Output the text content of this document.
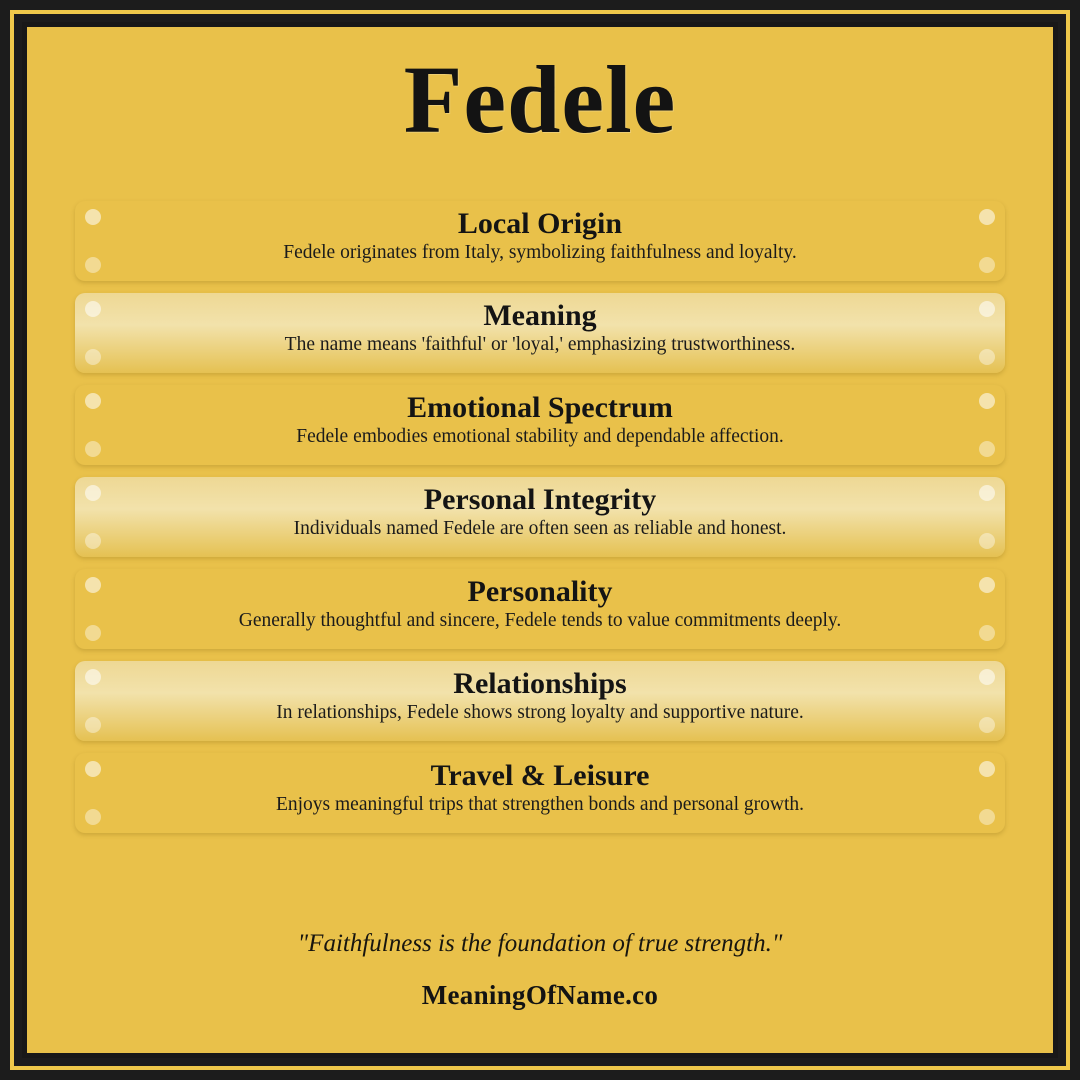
Fedele

Local Origin

Fedele originates from Italy, symbolizing faithfulness and loyalty.

Meaning

The name means 'faithful' or 'loyal,' emphasizing trustworthiness.

Emotional Spectrum

Fedele embodies emotional stability and dependable affection.

Personal Integrity

Individuals named Fedele are often seen as reliable and honest.

Personality

Generally thoughtful and sincere, Fedele tends to value commitments deeply.

Relationships

In relationships, Fedele shows strong loyalty and supportive nature.

Travel & Leisure

Enjoys meaningful trips that strengthen bonds and personal growth.

"Faithfulness is the foundation of true strength."
MeaningOfName.co
